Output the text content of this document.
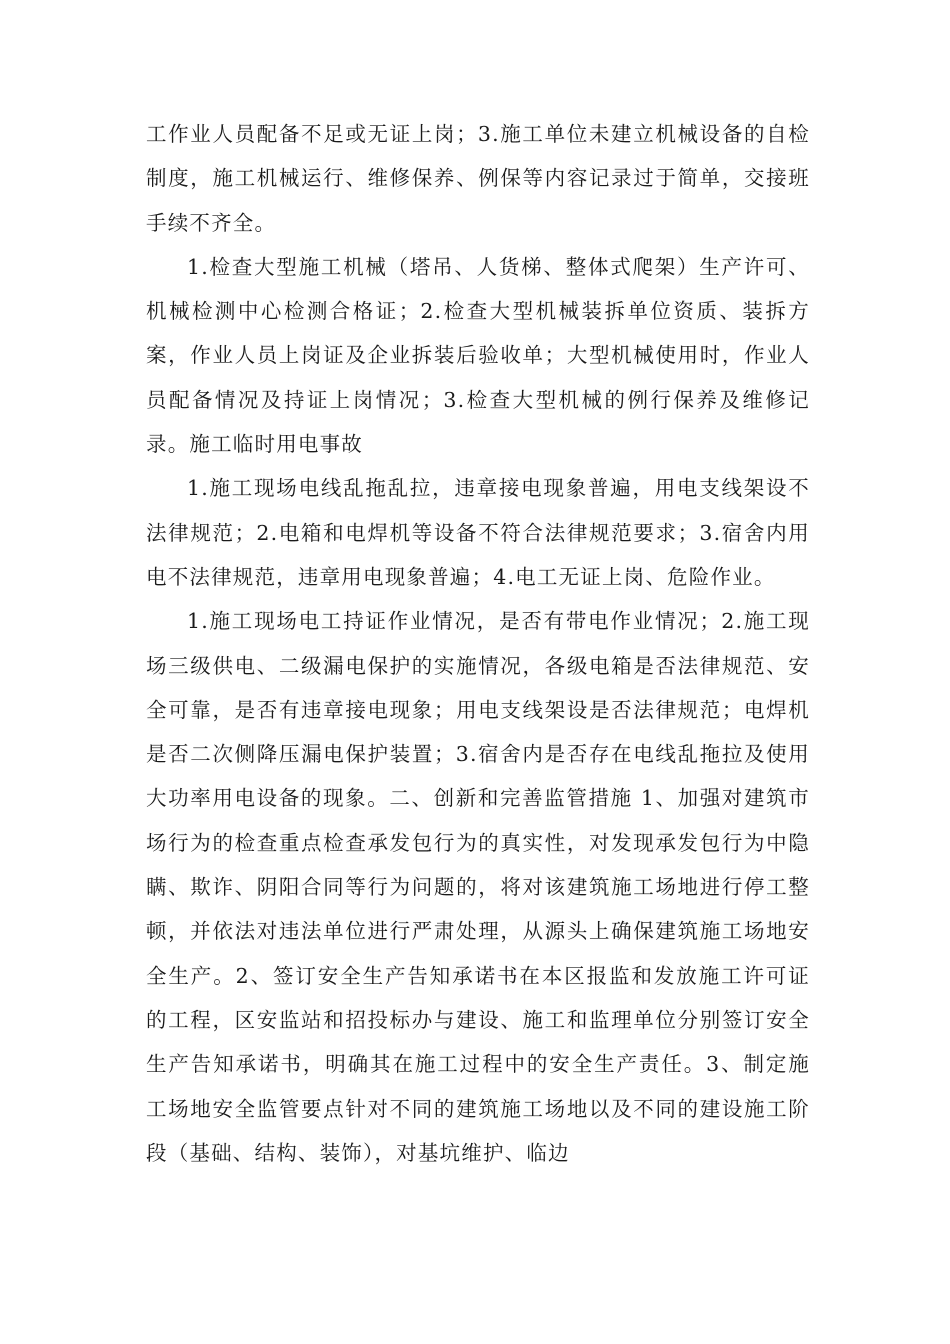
工作业人员配备不足或无证上岗；3.施工单位未建立机械设备的自检制度，施工机械运行、维修保养、例保等内容记录过于简单，交接班手续不齐全。

1.检查大型施工机械（塔吊、人货梯、整体式爬架）生产许可、机械检测中心检测合格证；2.检查大型机械装拆单位资质、装拆方案，作业人员上岗证及企业拆装后验收单；大型机械使用时，作业人员配备情况及持证上岗情况；3.检查大型机械的例行保养及维修记录。施工临时用电事故

1.施工现场电线乱拖乱拉，违章接电现象普遍，用电支线架设不法律规范；2.电箱和电焊机等设备不符合法律规范要求；3.宿舍内用电不法律规范，违章用电现象普遍；4.电工无证上岗、危险作业。

1.施工现场电工持证作业情况，是否有带电作业情况；2.施工现场三级供电、二级漏电保护的实施情况，各级电箱是否法律规范、安全可靠，是否有违章接电现象；用电支线架设是否法律规范；电焊机是否二次侧降压漏电保护装置；3.宿舍内是否存在电线乱拖拉及使用大功率用电设备的现象。二、创新和完善监管措施 1、加强对建筑市场行为的检查重点检查承发包行为的真实性，对发现承发包行为中隐瞒、欺诈、阴阳合同等行为问题的，将对该建筑施工场地进行停工整顿，并依法对违法单位进行严肃处理，从源头上确保建筑施工场地安全生产。2、签订安全生产告知承诺书在本区报监和发放施工许可证的工程，区安监站和招投标办与建设、施工和监理单位分别签订安全生产告知承诺书，明确其在施工过程中的安全生产责任。3、制定施工场地安全监管要点针对不同的建筑施工场地以及不同的建设施工阶段（基础、结构、装饰），对基坑维护、临边
